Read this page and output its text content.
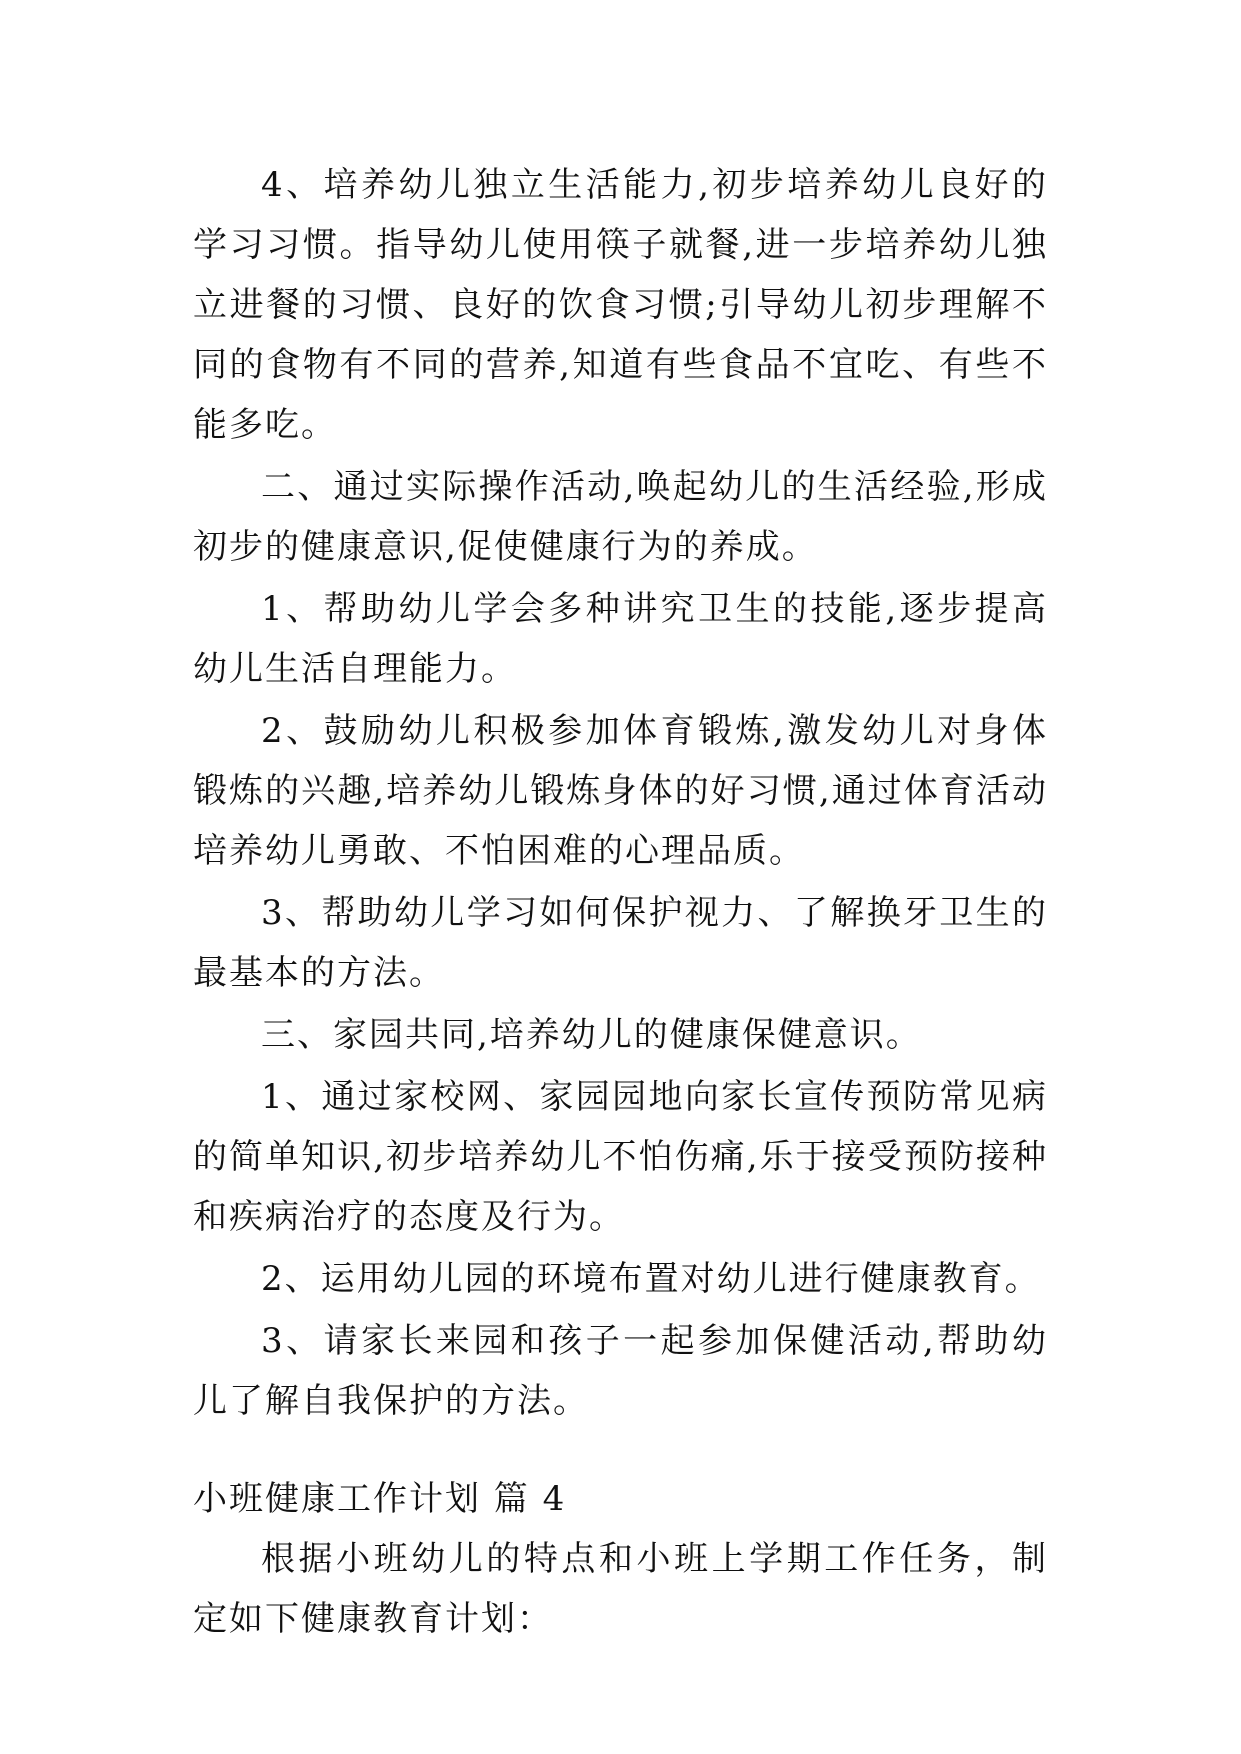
4、培养幼儿独立生活能力,初步培养幼儿良好的学习习惯。指导幼儿使用筷子就餐,进一步培养幼儿独立进餐的习惯、良好的饮食习惯;引导幼儿初步理解不同的食物有不同的营养,知道有些食品不宜吃、有些不能多吃。

二、通过实际操作活动,唤起幼儿的生活经验,形成初步的健康意识,促使健康行为的养成。

1、帮助幼儿学会多种讲究卫生的技能,逐步提高幼儿生活自理能力。

2、鼓励幼儿积极参加体育锻炼,激发幼儿对身体锻炼的兴趣,培养幼儿锻炼身体的好习惯,通过体育活动培养幼儿勇敢、不怕困难的心理品质。

3、帮助幼儿学习如何保护视力、了解换牙卫生的最基本的方法。

三、家园共同,培养幼儿的健康保健意识。

1、通过家校网、家园园地向家长宣传预防常见病的简单知识,初步培养幼儿不怕伤痛,乐于接受预防接种和疾病治疗的态度及行为。

2、运用幼儿园的环境布置对幼儿进行健康教育。

3、请家长来园和孩子一起参加保健活动,帮助幼儿了解自我保护的方法。

小班健康工作计划 篇 4

根据小班幼儿的特点和小班上学期工作任务，制定如下健康教育计划：
